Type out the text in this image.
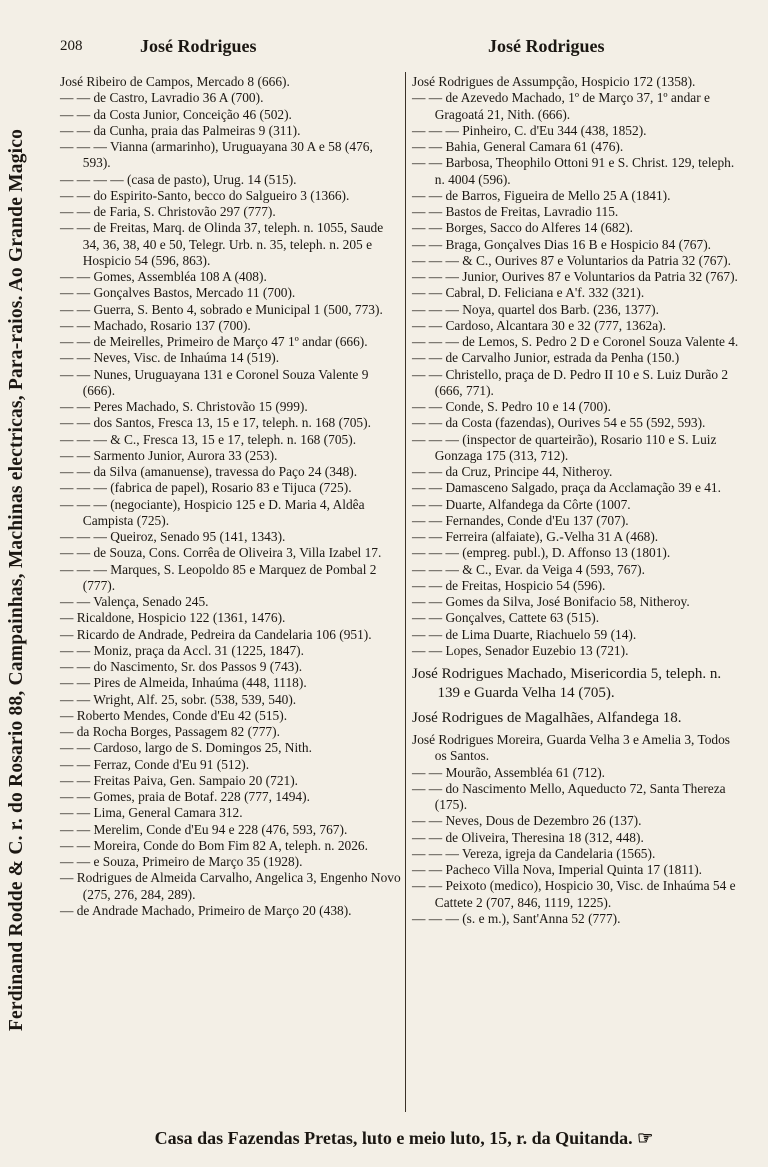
Ferdinand Rodde & C. r. do Rosario 88, Campainhas, Machinas electricas, Para-raios. Ao Grande Magico
208	José Rodrigues	José Rodrigues

José Ribeiro de Campos, Mercado 8 (666).

— — de Castro, Lavradio 36 A (700).

— — da Costa Junior, Conceição 46 (502).

— — da Cunha, praia das Palmeiras 9 (311).

— — — Vianna (armarinho), Uruguayana 30 A e 58 (476, 593).

— — — — (casa de pasto), Urug. 14 (515).

— — do Espirito-Santo, becco do Salgueiro 3 (1366).

— — de Faria, S. Christovão 297 (777).

— — de Freitas, Marq. de Olinda 37, teleph. n. 1055, Saude 34, 36, 38, 40 e 50, Telegr. Urb. n. 35, teleph. n. 205 e Hospicio 54 (596, 863).

— — Gomes, Assembléa 108 A (408).

— — Gonçalves Bastos, Mercado 11 (700).

— — Guerra, S. Bento 4, sobrado e Municipal 1 (500, 773).

— — Machado, Rosario 137 (700).

— — de Meirelles, Primeiro de Março 47 1º andar (666).

— — Neves, Visc. de Inhaúma 14 (519).

— — Nunes, Uruguayana 131 e Coronel Souza Valente 9 (666).

— — Peres Machado, S. Christovão 15 (999).

— — dos Santos, Fresca 13, 15 e 17, teleph. n. 168 (705).

— — — & C., Fresca 13, 15 e 17, teleph. n. 168 (705).

— — Sarmento Junior, Aurora 33 (253).

— — da Silva (amanuense), travessa do Paço 24 (348).

— — — (fabrica de papel), Rosario 83 e Tijuca (725).

— — — (negociante), Hospicio 125 e D. Maria 4, Aldêa Campista (725).

— — — Queiroz, Senado 95 (141, 1343).

— — de Souza, Cons. Corrêa de Oliveira 3, Villa Izabel 17.

— — — Marques, S. Leopoldo 85 e Marquez de Pombal 2 (777).

— — Valença, Senado 245.

— Ricaldone, Hospicio 122 (1361, 1476).

— Ricardo de Andrade, Pedreira da Candelaria 106 (951).

— — Moniz, praça da Accl. 31 (1225, 1847).

— — do Nascimento, Sr. dos Passos 9 (743).

— — Pires de Almeida, Inhaúma (448, 1118).

— — Wright, Alf. 25, sobr. (538, 539, 540).

— Roberto Mendes, Conde d'Eu 42 (515).

— da Rocha Borges, Passagem 82 (777).

— — Cardoso, largo de S. Domingos 25, Nith.

— — Ferraz, Conde d'Eu 91 (512).

— — Freitas Paiva, Gen. Sampaio 20 (721).

— — Gomes, praia de Botaf. 228 (777, 1494).

— — Lima, General Camara 312.

— — Merelim, Conde d'Eu 94 e 228 (476, 593, 767).

— — Moreira, Conde do Bom Fim 82 A, teleph. n. 2026.

— — e Souza, Primeiro de Março 35 (1928).

— Rodrigues de Almeida Carvalho, Angelica 3, Engenho Novo (275, 276, 284, 289).

— de Andrade Machado, Primeiro de Março 20 (438).

José Rodrigues de Assumpção, Hospicio 172 (1358).

— — de Azevedo Machado, 1º de Março 37, 1º andar e Gragoatá 21, Nith. (666).

— — — Pinheiro, C. d'Eu 344 (438, 1852).

— — Bahia, General Camara 61 (476).

— — Barbosa, Theophilo Ottoni 91 e S. Christ. 129, teleph. n. 4004 (596).

— — de Barros, Figueira de Mello 25 A (1841).

— — Bastos de Freitas, Lavradio 115.

— — Borges, Sacco do Alferes 14 (682).

— — Braga, Gonçalves Dias 16 B e Hospicio 84 (767).

— — — & C., Ourives 87 e Voluntarios da Patria 32 (767).

— — — Junior, Ourives 87 e Voluntarios da Patria 32 (767).

— — Cabral, D. Feliciana e A'f. 332 (321).

— — — Noya, quartel dos Barb. (236, 1377).

— — Cardoso, Alcantara 30 e 32 (777, 1362a).

— — — de Lemos, S. Pedro 2 D e Coronel Souza Valente 4.

— — de Carvalho Junior, estrada da Penha (150.)

— — Christello, praça de D. Pedro II 10 e S. Luiz Durão 2 (666, 771).

— — Conde, S. Pedro 10 e 14 (700).

— — da Costa (fazendas), Ourives 54 e 55 (592, 593).

— — — (inspector de quarteirão), Rosario 110 e S. Luiz Gonzaga 175 (313, 712).

— — da Cruz, Principe 44, Nitheroy.

— — Damasceno Salgado, praça da Acclamação 39 e 41.

— — Duarte, Alfandega da Côrte (1007.

— — Fernandes, Conde d'Eu 137 (707).

— — Ferreira (alfaiate), G.-Velha 31 A (468).

— — — (empreg. publ.), D. Affonso 13 (1801).

— — — & C., Evar. da Veiga 4 (593, 767).

— — de Freitas, Hospicio 54 (596).

— — Gomes da Silva, José Bonifacio 58, Nitheroy.

— — Gonçalves, Cattete 63 (515).

— — de Lima Duarte, Riachuelo 59 (14).

— — Lopes, Senador Euzebio 13 (721).

José Rodrigues Machado, Misericordia 5, teleph. n. 139 e Guarda Velha 14 (705).

José Rodrigues de Magalhães, Alfandega 18.

José Rodrigues Moreira, Guarda Velha 3 e Amelia 3, Todos os Santos.

— — Mourão, Assembléa 61 (712).

— — do Nascimento Mello, Aqueducto 72, Santa Thereza (175).

— — Neves, Dous de Dezembro 26 (137).

— — de Oliveira, Theresina 18 (312, 448).

— — — Vereza, igreja da Candelaria (1565).

— — Pacheco Villa Nova, Imperial Quinta 17 (1811).

— — Peixoto (medico), Hospicio 30, Visc. de Inhaúma 54 e Cattete 2 (707, 846, 1119, 1225).

— — — (s. e m.), Sant'Anna 52 (777).

Casa das Fazendas Pretas, luto e meio luto, 15, r. da Quitanda. ☞
